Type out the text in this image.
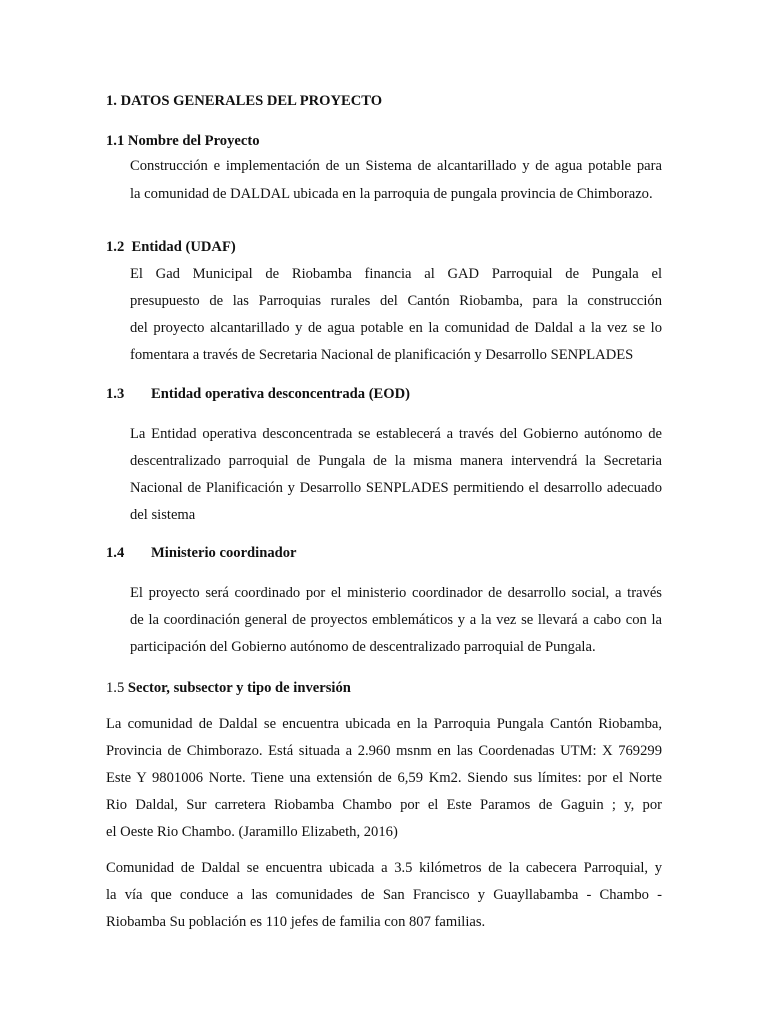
1. DATOS GENERALES DEL PROYECTO
1.1 Nombre del Proyecto
Construcción e implementación de un Sistema de alcantarillado y de agua potable para
la comunidad de DALDAL ubicada en la parroquia de pungala provincia de Chimborazo.
1.2 Entidad (UDAF)
El Gad Municipal de Riobamba financia al GAD Parroquial de Pungala el
presupuesto de las Parroquias rurales del Cantón Riobamba, para la construcción
del proyecto alcantarillado y de agua potable en la comunidad de Daldal a la vez se lo
fomentara a través de Secretaria Nacional de planificación y Desarrollo SENPLADES
1.3 Entidad operativa desconcentrada (EOD)
La Entidad operativa desconcentrada se establecerá a través del Gobierno autónomo de
descentralizado parroquial de Pungala de la misma manera intervendrá la Secretaria
Nacional de Planificación y Desarrollo SENPLADES permitiendo el desarrollo adecuado
del sistema
1.4 Ministerio coordinador
El proyecto será coordinado por el ministerio coordinador de desarrollo social, a través
de la coordinación general de proyectos emblemáticos y a la vez se llevará a cabo con la
participación del Gobierno autónomo de descentralizado parroquial de Pungala.
1.5 Sector, subsector y tipo de inversión
La comunidad de Daldal se encuentra ubicada en la Parroquia Pungala Cantón Riobamba,
Provincia de Chimborazo. Está situada a 2.960 msnm en las Coordenadas UTM: X 769299
Este Y 9801006 Norte. Tiene una extensión de 6,59 Km2. Siendo sus límites: por el Norte
Rio Daldal, Sur carretera Riobamba Chambo por el Este Paramos de Gaguin ; y, por
el Oeste Rio Chambo. (Jaramillo Elizabeth, 2016)
Comunidad de Daldal se encuentra ubicada a 3.5 kilómetros de la cabecera Parroquial, y
la vía que conduce a las comunidades de San Francisco y Guayllabamba - Chambo -
Riobamba Su población es 110 jefes de familia con 807 familias.
